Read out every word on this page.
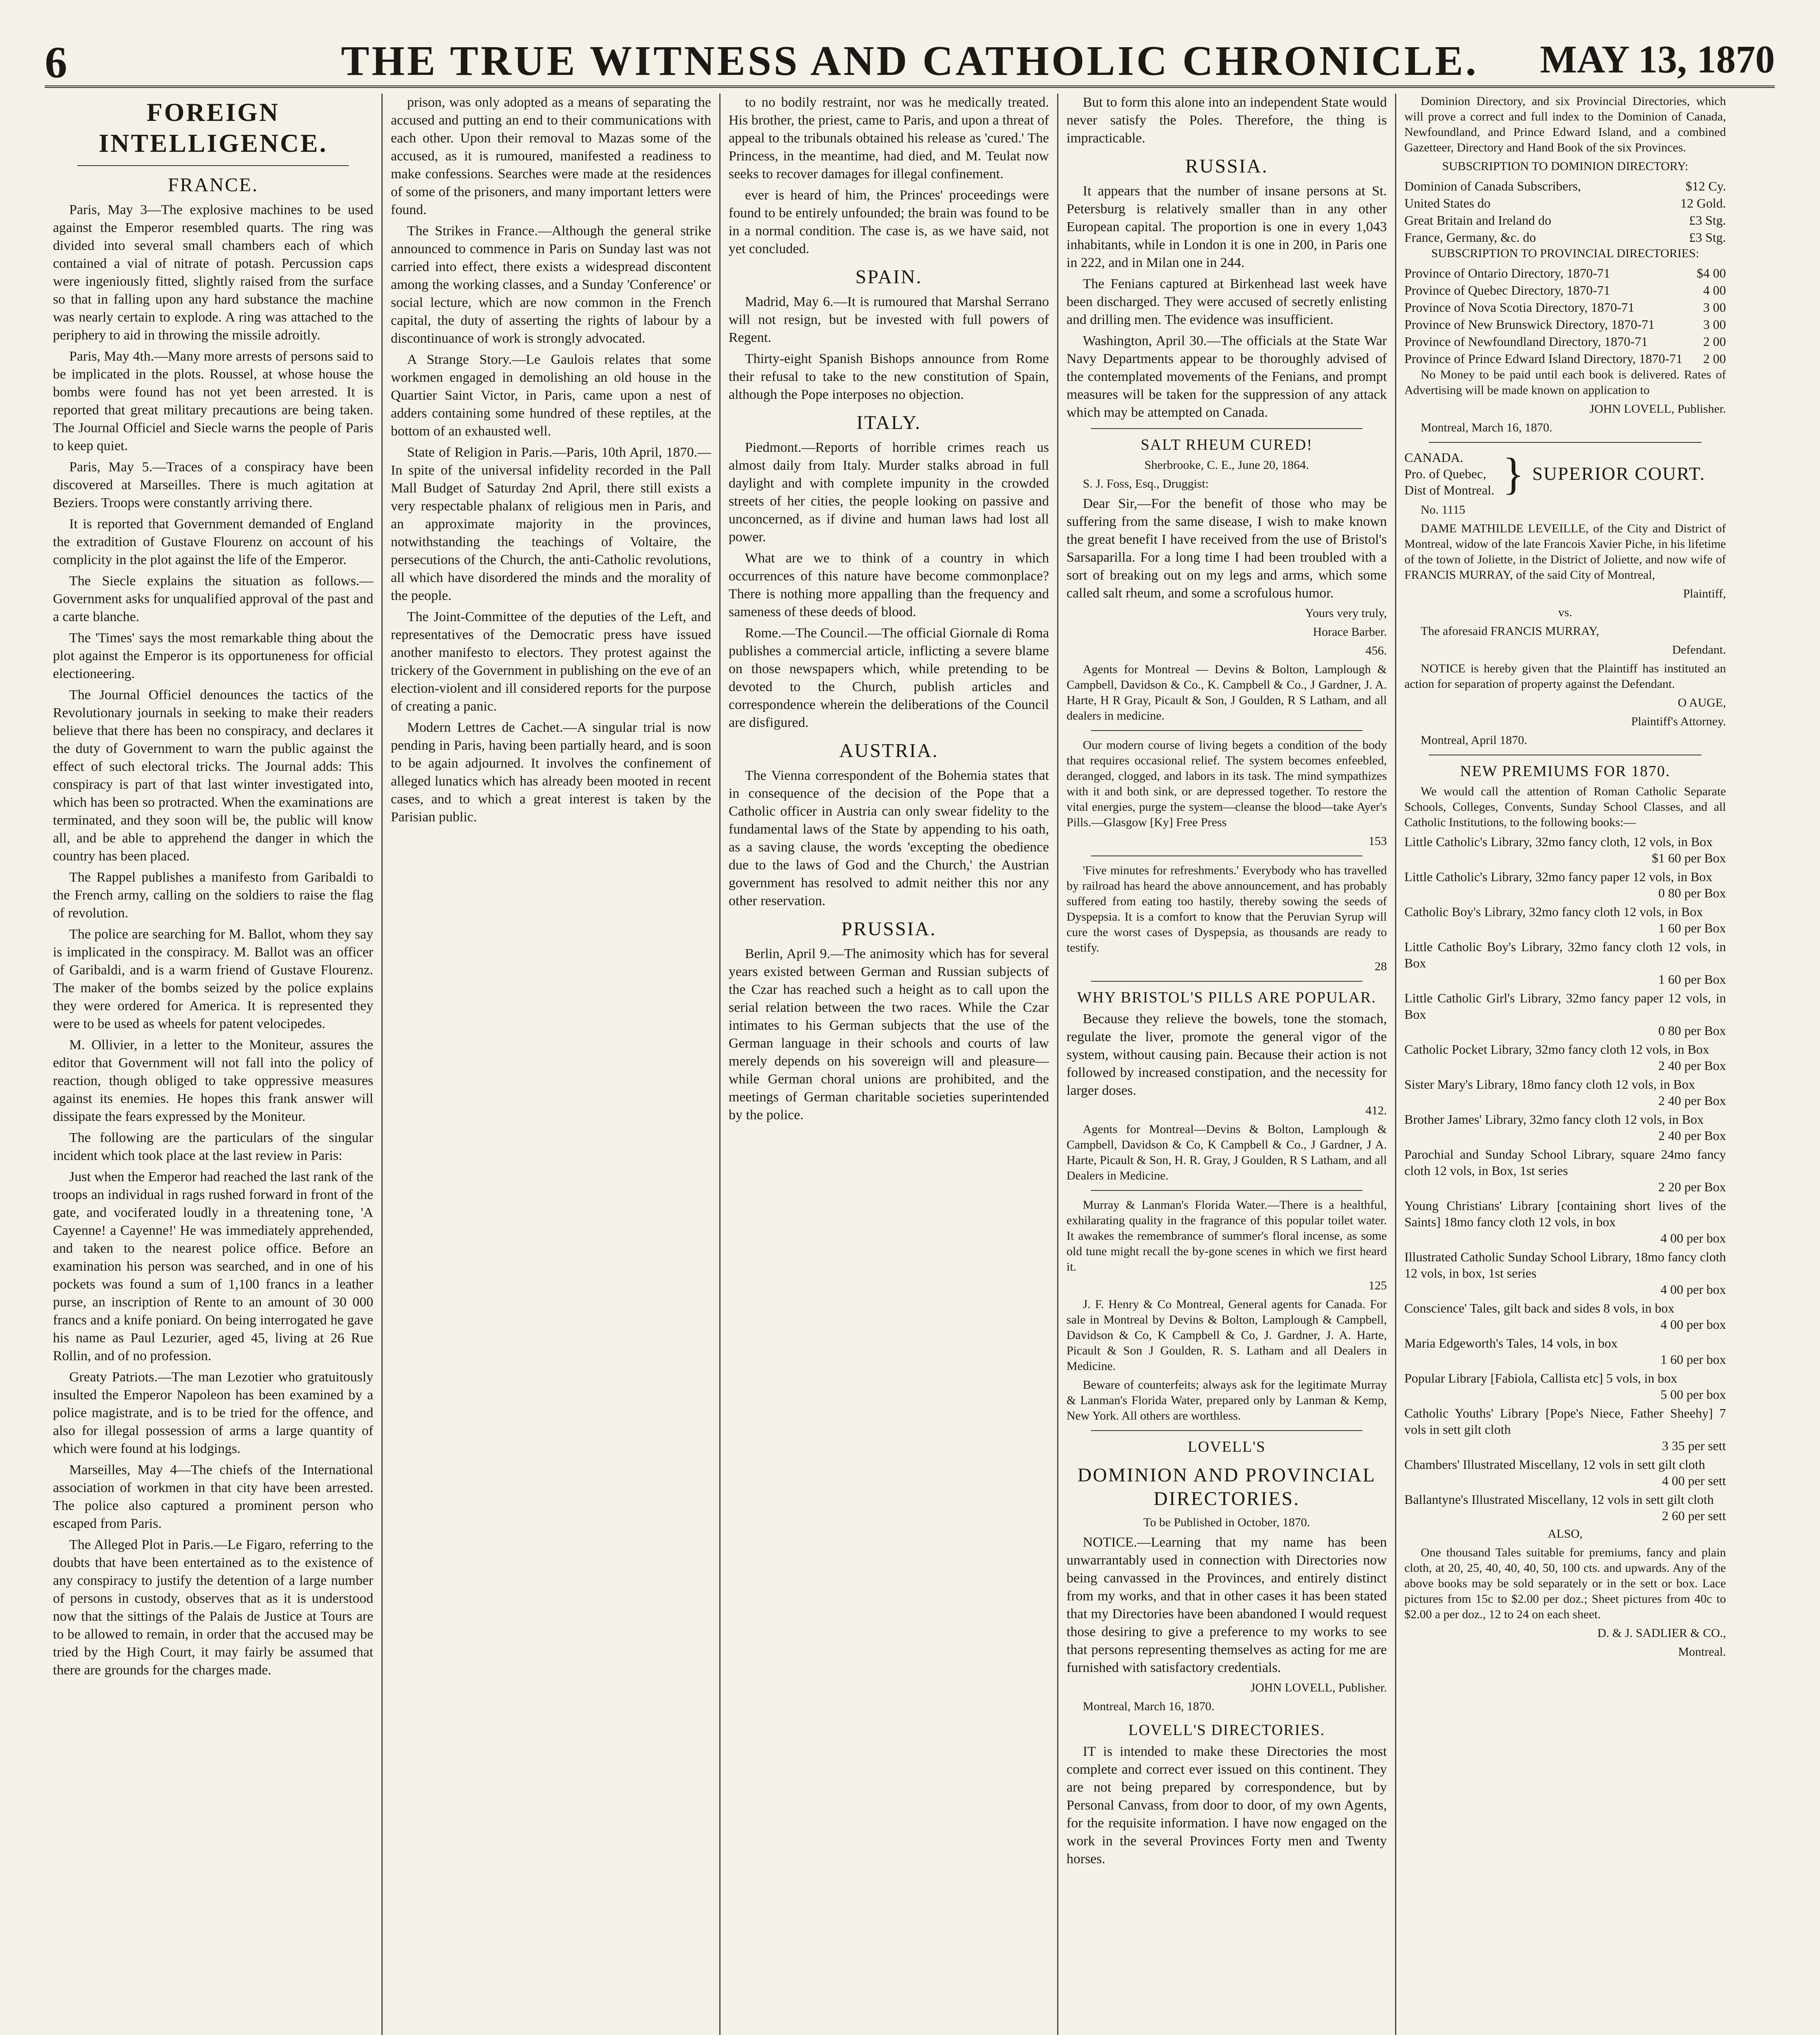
6	THE TRUE WITNESS AND CATHOLIC CHRONICLE.	MAY 13, 1870
FOREIGN INTELLIGENCE.
FRANCE.

Paris, May 3—The explosive machines to be used against the Emperor resembled quarts. The ring was divided into several small chambers each of which contained a vial of nitrate of potash. Percussion caps were ingeniously fitted, slightly raised from the surface so that in falling upon any hard substance the machine was nearly certain to explode. A ring was attached to the periphery to aid in throwing the missile adroitly.

Paris, May 4th.—Many more arrests of persons said to be implicated in the plots. Roussel, at whose house the bombs were found has not yet been arrested. It is reported that great military precautions are being taken. The Journal Officiel and Siecle warns the people of Paris to keep quiet.

Paris, May 5.—Traces of a conspiracy have been discovered at Marseilles. There is much agitation at Beziers. Troops were constantly arriving there.

It is reported that Government demanded of England the extradition of Gustave Flourenz on account of his complicity in the plot against the life of the Emperor.

The Siecle explains the situation as follows.—Government asks for unqualified approval of the past and a carte blanche.

The 'Times' says the most remarkable thing about the plot against the Emperor is its opportuneness for official electioneering.

The Journal Officiel denounces the tactics of the Revolutionary journals in seeking to make their readers believe that there has been no conspiracy, and declares it the duty of Government to warn the public against the effect of such electoral tricks. The Journal adds: This conspiracy is part of that last winter investigated into, which has been so protracted. When the examinations are terminated, and they soon will be, the public will know all, and be able to apprehend the danger in which the country has been placed.

The Rappel publishes a manifesto from Garibaldi to the French army, calling on the soldiers to raise the flag of revolution.

The police are searching for M. Ballot, whom they say is implicated in the conspiracy. M. Ballot was an officer of Garibaldi, and is a warm friend of Gustave Flourenz. The maker of the bombs seized by the police explains they were ordered for America. It is represented they were to be used as wheels for patent velocipedes.

M. Ollivier, in a letter to the Moniteur, assures the editor that Government will not fall into the policy of reaction, though obliged to take oppressive measures against its enemies. He hopes this frank answer will dissipate the fears expressed by the Moniteur.

The following are the particulars of the singular incident which took place at the last review in Paris:

Just when the Emperor had reached the last rank of the troops an individual in rags rushed forward in front of the gate, and vociferated loudly in a threatening tone, 'A Cayenne! a Cayenne!' He was immediately apprehended, and taken to the nearest police office. Before an examination his person was searched, and in one of his pockets was found a sum of 1,100 francs in a leather purse, an inscription of Rente to an amount of 30 000 francs and a knife poniard. On being interrogated he gave his name as Paul Lezurier, aged 45, living at 26 Rue Rollin, and of no profession.

Greaty Patriots.—The man Lezotier who gratuitously insulted the Emperor Napoleon has been examined by a police magistrate, and is to be tried for the offence, and also for illegal possession of arms a large quantity of which were found at his lodgings.

Marseilles, May 4—The chiefs of the International association of workmen in that city have been arrested. The police also captured a prominent person who escaped from Paris.

The Alleged Plot in Paris.—Le Figaro, referring to the doubts that have been entertained as to the existence of any conspiracy to justify the detention of a large number of persons in custody, observes that as it is understood now that the sittings of the Palais de Justice at Tours are to be allowed to remain, in order that the accused may be tried by the High Court, it may fairly be assumed that there are grounds for the charges made.

prison, was only adopted as a means of separating the accused and putting an end to their communications with each other. Upon their removal to Mazas some of the accused, as it is rumoured, manifested a readiness to make confessions. Searches were made at the residences of some of the prisoners, and many important letters were found.

The Strikes in France.—Although the general strike announced to commence in Paris on Sunday last was not carried into effect, there exists a widespread discontent among the working classes, and a Sunday 'Conference' or social lecture, which are now common in the French capital, the duty of asserting the rights of labour by a discontinuance of work is strongly advocated.

A Strange Story.—Le Gaulois relates that some workmen engaged in demolishing an old house in the Quartier Saint Victor, in Paris, came upon a nest of adders containing some hundred of these reptiles, at the bottom of an exhausted well.

State of Religion in Paris.—Paris, 10th April, 1870.—In spite of the universal infidelity recorded in the Pall Mall Budget of Saturday 2nd April, there still exists a very respectable phalanx of religious men in Paris, and an approximate majority in the provinces, notwithstanding the teachings of Voltaire, the persecutions of the Church, the anti-Catholic revolutions, all which have disordered the minds and the morality of the people.

The Joint-Committee of the deputies of the Left, and representatives of the Democratic press have issued another manifesto to electors. They protest against the trickery of the Government in publishing on the eve of an election-violent and ill considered reports for the purpose of creating a panic.

Modern Lettres de Cachet.—A singular trial is now pending in Paris, having been partially heard, and is soon to be again adjourned. It involves the confinement of alleged lunatics which has already been mooted in recent cases, and to which a great interest is taken by the Parisian public.

to no bodily restraint, nor was he medically treated. His brother, the priest, came to Paris, and upon a threat of appeal to the tribunals obtained his release as 'cured.' The Princess, in the meantime, had died, and M. Teulat now seeks to recover damages for illegal confinement.

ever is heard of him, the Princes' proceedings were found to be entirely unfounded; the brain was found to be in a normal condition. The case is, as we have said, not yet concluded.

SPAIN.

Madrid, May 6.—It is rumoured that Marshal Serrano will not resign, but be invested with full powers of Regent.

Thirty-eight Spanish Bishops announce from Rome their refusal to take to the new constitution of Spain, although the Pope interposes no objection.

ITALY.

Piedmont.—Reports of horrible crimes reach us almost daily from Italy. Murder stalks abroad in full daylight and with complete impunity in the crowded streets of her cities, the people looking on passive and unconcerned, as if divine and human laws had lost all power.

What are we to think of a country in which occurrences of this nature have become commonplace? There is nothing more appalling than the frequency and sameness of these deeds of blood.

Rome.—The Council.—The official Giornale di Roma publishes a commercial article, inflicting a severe blame on those newspapers which, while pretending to be devoted to the Church, publish articles and correspondence wherein the deliberations of the Council are disfigured.

AUSTRIA.

The Vienna correspondent of the Bohemia states that in consequence of the decision of the Pope that a Catholic officer in Austria can only swear fidelity to the fundamental laws of the State by appending to his oath, as a saving clause, the words 'excepting the obedience due to the laws of God and the Church,' the Austrian government has resolved to admit neither this nor any other reservation.

PRUSSIA.

Berlin, April 9.—The animosity which has for several years existed between German and Russian subjects of the Czar has reached such a height as to call upon the serial relation between the two races. While the Czar intimates to his German subjects that the use of the German language in their schools and courts of law merely depends on his sovereign will and pleasure—while German choral unions are prohibited, and the meetings of German charitable societies superintended by the police.

But to form this alone into an independent State would never satisfy the Poles. Therefore, the thing is impracticable.

RUSSIA.

It appears that the number of insane persons at St. Petersburg is relatively smaller than in any other European capital. The proportion is one in every 1,043 inhabitants, while in London it is one in 200, in Paris one in 222, and in Milan one in 244.

The Fenians captured at Birkenhead last week have been discharged. They were accused of secretly enlisting and drilling men. The evidence was insufficient.

Washington, April 30.—The officials at the State War Navy Departments appear to be thoroughly advised of the contemplated movements of the Fenians, and prompt measures will be taken for the suppression of any attack which may be attempted on Canada.

SALT RHEUM CURED!

Sherbrooke, C. E., June 20, 1864.

S. J. Foss, Esq., Druggist:

Dear Sir,—For the benefit of those who may be suffering from the same disease, I wish to make known the great benefit I have received from the use of Bristol's Sarsaparilla. For a long time I had been troubled with a sort of breaking out on my legs and arms, which some called salt rheum, and some a scrofulous humor.

Yours very truly,

Horace Barber.

456.

Agents for Montreal — Devins & Bolton, Lamplough & Campbell, Davidson & Co., K. Campbell & Co., J Gardner, J. A. Harte, H R Gray, Picault & Son, J Goulden, R S Latham, and all dealers in medicine.

Our modern course of living begets a condition of the body that requires occasional relief. The system becomes enfeebled, deranged, clogged, and labors in its task. The mind sympathizes with it and both sink, or are depressed together. To restore the vital energies, purge the system—cleanse the blood—take Ayer's Pills.—Glasgow [Ky] Free Press

153

'Five minutes for refreshments.' Everybody who has travelled by railroad has heard the above announcement, and has probably suffered from eating too hastily, thereby sowing the seeds of Dyspepsia. It is a comfort to know that the Peruvian Syrup will cure the worst cases of Dyspepsia, as thousands are ready to testify.

28

WHY BRISTOL'S PILLS ARE POPULAR.

Because they relieve the bowels, tone the stomach, regulate the liver, promote the general vigor of the system, without causing pain. Because their action is not followed by increased constipation, and the necessity for larger doses.

412.

Agents for Montreal—Devins & Bolton, Lamplough & Campbell, Davidson & Co, K Campbell & Co., J Gardner, J A. Harte, Picault & Son, H. R. Gray, J Goulden, R S Latham, and all Dealers in Medicine.

Murray & Lanman's Florida Water.—There is a healthful, exhilarating quality in the fragrance of this popular toilet water. It awakes the remembrance of summer's floral incense, as some old tune might recall the by-gone scenes in which we first heard it.

125

J. F. Henry & Co Montreal, General agents for Canada. For sale in Montreal by Devins & Bolton, Lamplough & Campbell, Davidson & Co, K Campbell & Co, J. Gardner, J. A. Harte, Picault & Son J Goulden, R. S. Latham and all Dealers in Medicine.

Beware of counterfeits; always ask for the legitimate Murray & Lanman's Florida Water, prepared only by Lanman & Kemp, New York. All others are worthless.

LOVELL'S
DOMINION AND PROVINCIAL DIRECTORIES.

To be Published in October, 1870.

NOTICE.—Learning that my name has been unwarrantably used in connection with Directories now being canvassed in the Provinces, and entirely distinct from my works, and that in other cases it has been stated that my Directories have been abandoned I would request those desiring to give a preference to my works to see that persons representing themselves as acting for me are furnished with satisfactory credentials.

JOHN LOVELL, Publisher.

Montreal, March 16, 1870.

LOVELL'S DIRECTORIES.

IT is intended to make these Directories the most complete and correct ever issued on this continent. They are not being prepared by correspondence, but by Personal Canvass, from door to door, of my own Agents, for the requisite information. I have now engaged on the work in the several Provinces Forty men and Twenty horses.

Dominion Directory, and six Provincial Directories, which will prove a correct and full index to the Dominion of Canada, Newfoundland, and Prince Edward Island, and a combined Gazetteer, Directory and Hand Book of the six Provinces.

SUBSCRIPTION TO DOMINION DIRECTORY:

Dominion of Canada Subscribers,	$12 Cy.
United States do	12 Gold.
Great Britain and Ireland do	£3 Stg.
France, Germany, &c. do	£3 Stg.

SUBSCRIPTION TO PROVINCIAL DIRECTORIES:

Province of Ontario Directory, 1870-71	$4 00
Province of Quebec Directory, 1870-71	4 00
Province of Nova Scotia Directory, 1870-71	3 00
Province of New Brunswick Directory, 1870-71	3 00
Province of Newfoundland Directory, 1870-71	2 00
Province of Prince Edward Island Directory, 1870-71 2 00

No Money to be paid until each book is delivered. Rates of Advertising will be made known on application to

JOHN LOVELL, Publisher.

Montreal, March 16, 1870.

CANADA.
Pro. of Quebec,
Dist of Montreal. } SUPERIOR COURT.

No. 1115

DAME MATHILDE LEVEILLE, of the City and District of Montreal, widow of the late Francois Xavier Piche, in his lifetime of the town of Joliette, in the District of Joliette, and now wife of FRANCIS MURRAY, of the said City of Montreal,

Plaintiff,

vs.

The aforesaid FRANCIS MURRAY,

Defendant.

NOTICE is hereby given that the Plaintiff has instituted an action for separation of property against the Defendant.

O AUGE,

Plaintiff's Attorney.

Montreal, April 1870.

NEW PREMIUMS FOR 1870.

We would call the attention of Roman Catholic Separate Schools, Colleges, Convents, Sunday School Classes, and all Catholic Institutions, to the following books:—

Little Catholic's Library, 32mo fancy cloth, 12 vols, in Box
$1 60 per Box
Little Catholic's Library, 32mo fancy paper 12 vols, in Box
0 80 per Box
Catholic Boy's Library, 32mo fancy cloth 12 vols, in Box
1 60 per Box
Little Catholic Boy's Library, 32mo fancy cloth 12 vols, in Box
1 60 per Box
Little Catholic Girl's Library, 32mo fancy paper 12 vols, in Box
0 80 per Box
Catholic Pocket Library, 32mo fancy cloth 12 vols, in Box
2 40 per Box
Sister Mary's Library, 18mo fancy cloth 12 vols, in Box
2 40 per Box
Brother James' Library, 32mo fancy cloth 12 vols, in Box
2 40 per Box
Parochial and Sunday School Library, square 24mo fancy cloth 12 vols, in Box, 1st series
2 20 per Box
Young Christians' Library [containing short lives of the Saints] 18mo fancy cloth 12 vols, in box
4 00 per box
Illustrated Catholic Sunday School Library, 18mo fancy cloth 12 vols, in box, 1st series
4 00 per box
Conscience' Tales, gilt back and sides 8 vols, in box
4 00 per box
Maria Edgeworth's Tales, 14 vols, in box
1 60 per box
Popular Library [Fabiola, Callista etc] 5 vols, in box
5 00 per box
Catholic Youths' Library [Pope's Niece, Father Sheehy] 7 vols in sett gilt cloth
3 35 per sett
Chambers' Illustrated Miscellany, 12 vols in sett gilt cloth
4 00 per sett
Ballantyne's Illustrated Miscellany, 12 vols in sett gilt cloth
2 60 per sett

ALSO,

One thousand Tales suitable for premiums, fancy and plain cloth, at 20, 25, 40, 40, 40, 50, 100 cts. and upwards. Any of the above books may be sold separately or in the sett or box. Lace pictures from 15c to $2.00 per doz.; Sheet pictures from 40c to $2.00 a per doz., 12 to 24 on each sheet.

D. & J. SADLIER & CO.,

Montreal.
